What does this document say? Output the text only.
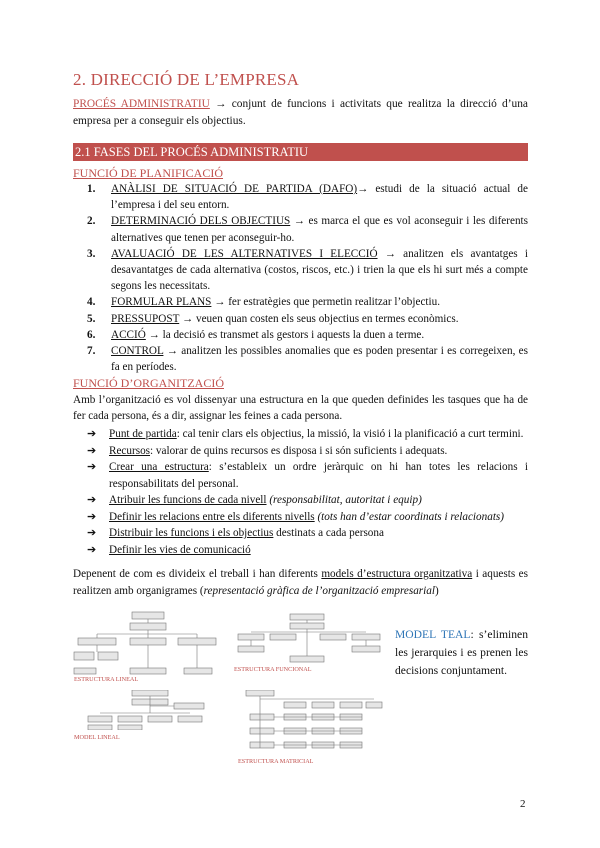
2. DIRECCIÓ DE L’EMPRESA
PROCÉS ADMINISTRATIU → conjunt de funcions i activitats que realitza la direcció d’una empresa per a conseguir els objectius.
2.1 FASES DEL PROCÉS ADMINISTRATIU
FUNCIÓ DE PLANIFICACIÓ
1. ANÀLISI DE SITUACIÓ DE PARTIDA (DAFO)→ estudi de la situació actual de l’empresa i del seu entorn.
2. DETERMINACIÓ DELS OBJECTIUS → es marca el que es vol aconseguir i les diferents alternatives que tenen per aconseguir-ho.
3. AVALUACIÓ DE LES ALTERNATIVES I ELECCIÓ → analitzen els avantatges i desavantatges de cada alternativa (costos, riscos, etc.) i trien la que els hi surt més a compte segons les necessitats.
4. FORMULAR PLANS → fer estratègies que permetin realitzar l’objectiu.
5. PRESSUPOST → veuen quan costen els seus objectius en termes econòmics.
6. ACCIÓ → la decisió es transmet als gestors i aquests la duen a terme.
7. CONTROL → analitzen les possibles anomalies que es poden presentar i es corregeixen, es fa en períodes.
FUNCIÓ D’ORGANITZACIÓ
Amb l’organització es vol dissenyar una estructura en la que queden definides les tasques que ha de fer cada persona, és a dir, assignar les feines a cada persona.
➔ Punt de partida: cal tenir clars els objectius, la missió, la visió i la planificació a curt termini.
➔ Recursos: valorar de quins recursos es disposa i si són suficients i adequats.
➔ Crear una estructura: s’estableix un ordre jeràrquic on hi han totes les relacions i responsabilitats del personal.
➔ Atribuir les funcions de cada nivell (responsabilitat, autoritat i equip)
➔ Definir les relacions entre els diferents nivells (tots han d’estar coordinats i relacionats)
➔ Distribuir les funcions i els objectius destinats a cada persona
➔ Definir les vies de comunicació
Depenent de com es divideix el treball i han diferents models d’estructura organitzativa i aquests es realitzen amb organigrames (representació gràfica de l’organització empresarial)
ESTRUCTURA LINEAL
MODEL LINEAL
ESTRUCTURA FUNCIONAL
ESTRUCTURA MATRICIAL
MODEL TEAL: s’eliminen les jerarquies i es prenen les decisions conjuntament.
2
